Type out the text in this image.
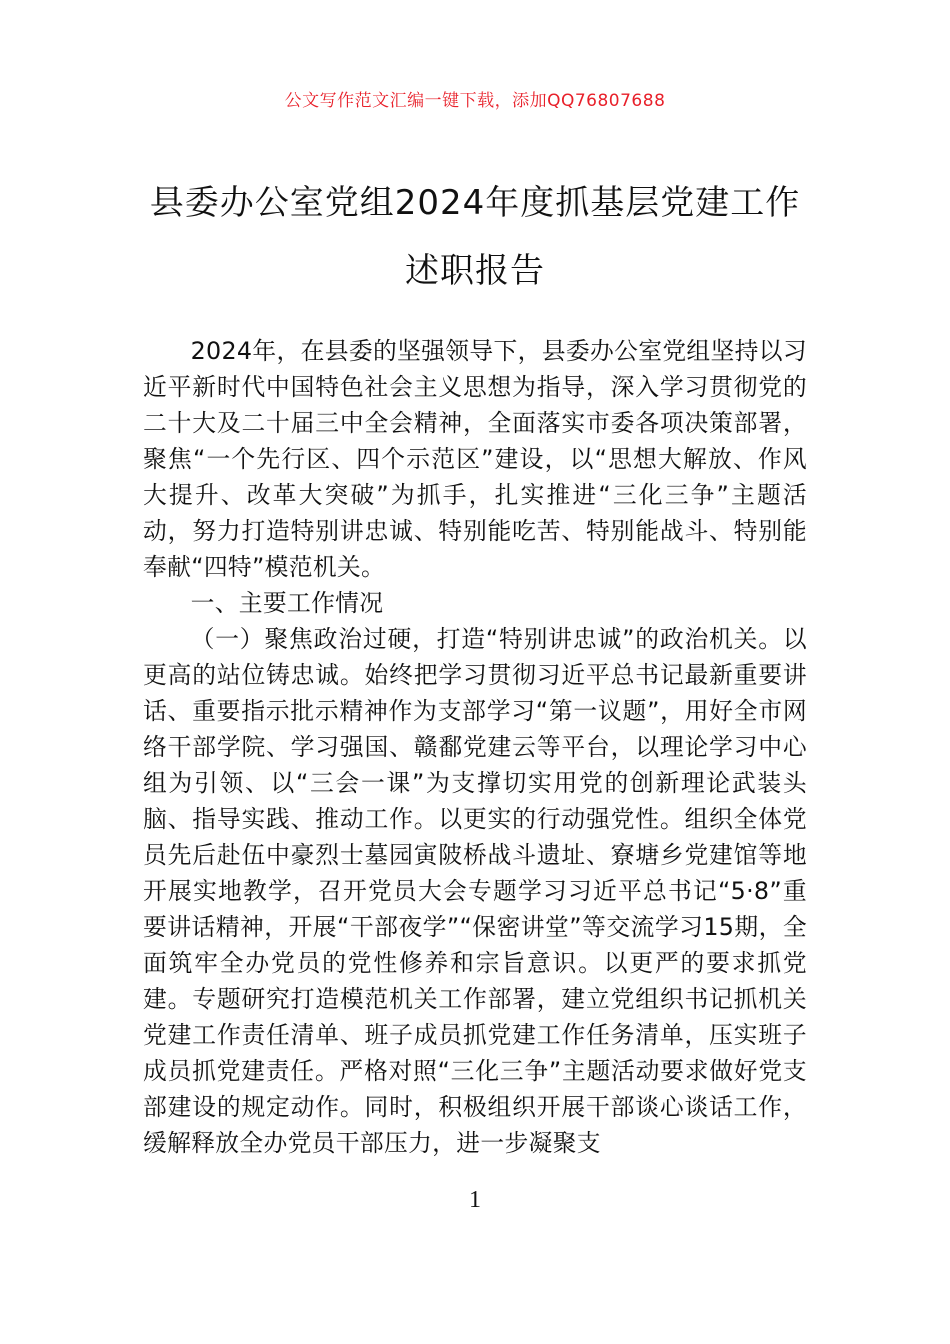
公文写作范文汇编一键下载，添加QQ76807688
县委办公室党组2024年度抓基层党建工作
述职报告

2024年，在县委的坚强领导下，县委办公室党组坚持以习近平新时代中国特色社会主义思想为指导，深入学习贯彻党的二十大及二十届三中全会精神，全面落实市委各项决策部署，聚焦“一个先行区、四个示范区”建设，以“思想大解放、作风大提升、改革大突破”为抓手，扎实推进“三化三争”主题活动，努力打造特别讲忠诚、特别能吃苦、特别能战斗、特别能奉献“四特”模范机关。

一、主要工作情况

（一）聚焦政治过硬，打造“特别讲忠诚”的政治机关。以更高的站位铸忠诚。始终把学习贯彻习近平总书记最新重要讲话、重要指示批示精神作为支部学习“第一议题”，用好全市网络干部学院、学习强国、赣鄱党建云等平台，以理论学习中心组为引领、以“三会一课”为支撑切实用党的创新理论武装头脑、指导实践、推动工作。以更实的行动强党性。组织全体党员先后赴伍中豪烈士墓园寅陂桥战斗遗址、寮塘乡党建馆等地开展实地教学，召开党员大会专题学习习近平总书记“5·8”重要讲话精神，开展“干部夜学”“保密讲堂”等交流学习15期，全面筑牢全办党员的党性修养和宗旨意识。以更严的要求抓党建。专题研究打造模范机关工作部署，建立党组织书记抓机关党建工作责任清单、班子成员抓党建工作任务清单，压实班子成员抓党建责任。严格对照“三化三争”主题活动要求做好党支部建设的规定动作。同时，积极组织开展干部谈心谈话工作，缓解释放全办党员干部压力，进一步凝聚支

1
